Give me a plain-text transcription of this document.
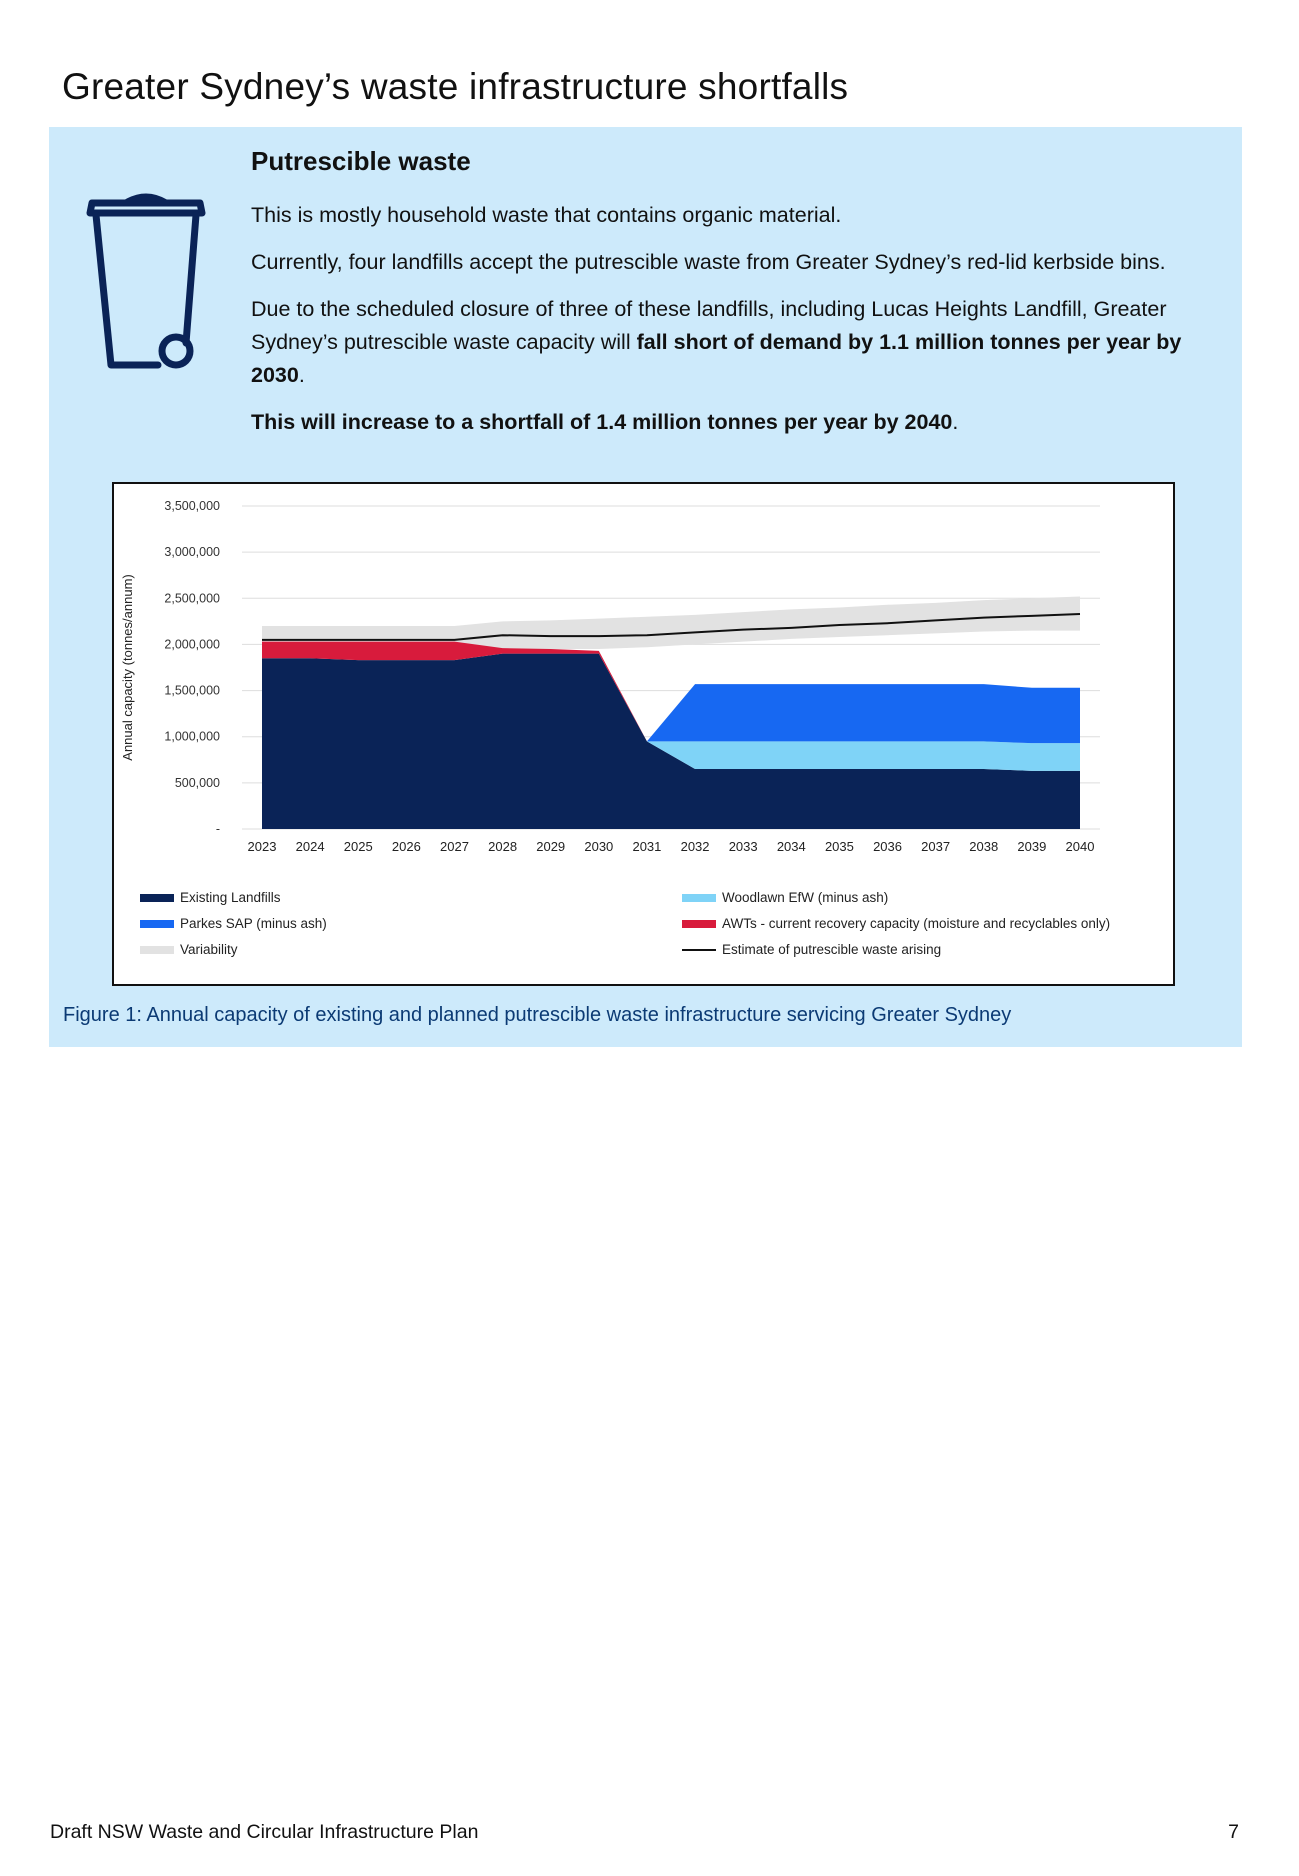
Greater Sydney’s waste infrastructure shortfalls
Putrescible waste

This is mostly household waste that contains organic material.

Currently, four landfills accept the putrescible waste from Greater Sydney’s red-lid kerbside bins.

Due to the scheduled closure of three of these landfills, including Lucas Heights Landfill, Greater Sydney’s putrescible waste capacity will fall short of demand by 1.1 million tonnes per year by 2030.

This will increase to a shortfall of 1.4 million tonnes per year by 2040.

-
500,000
1,000,000
1,500,000
2,000,000
2,500,000
3,000,000
3,500,000
2023 2024 2025 2026 2027 2028 2029 2030 2031 2032 2033 2034 2035 2036 2037 2038 2039 2040
Annual capacity (tonnes/annum)
Existing Landfills
Parkes SAP (minus ash)
Variability
Woodlawn EfW (minus ash)
AWTs - current recovery capacity (moisture and recyclables only)
Estimate of putrescible waste arising
Figure 1: Annual capacity of existing and planned putrescible waste infrastructure servicing Greater Sydney
Draft NSW Waste and Circular Infrastructure Plan	7
